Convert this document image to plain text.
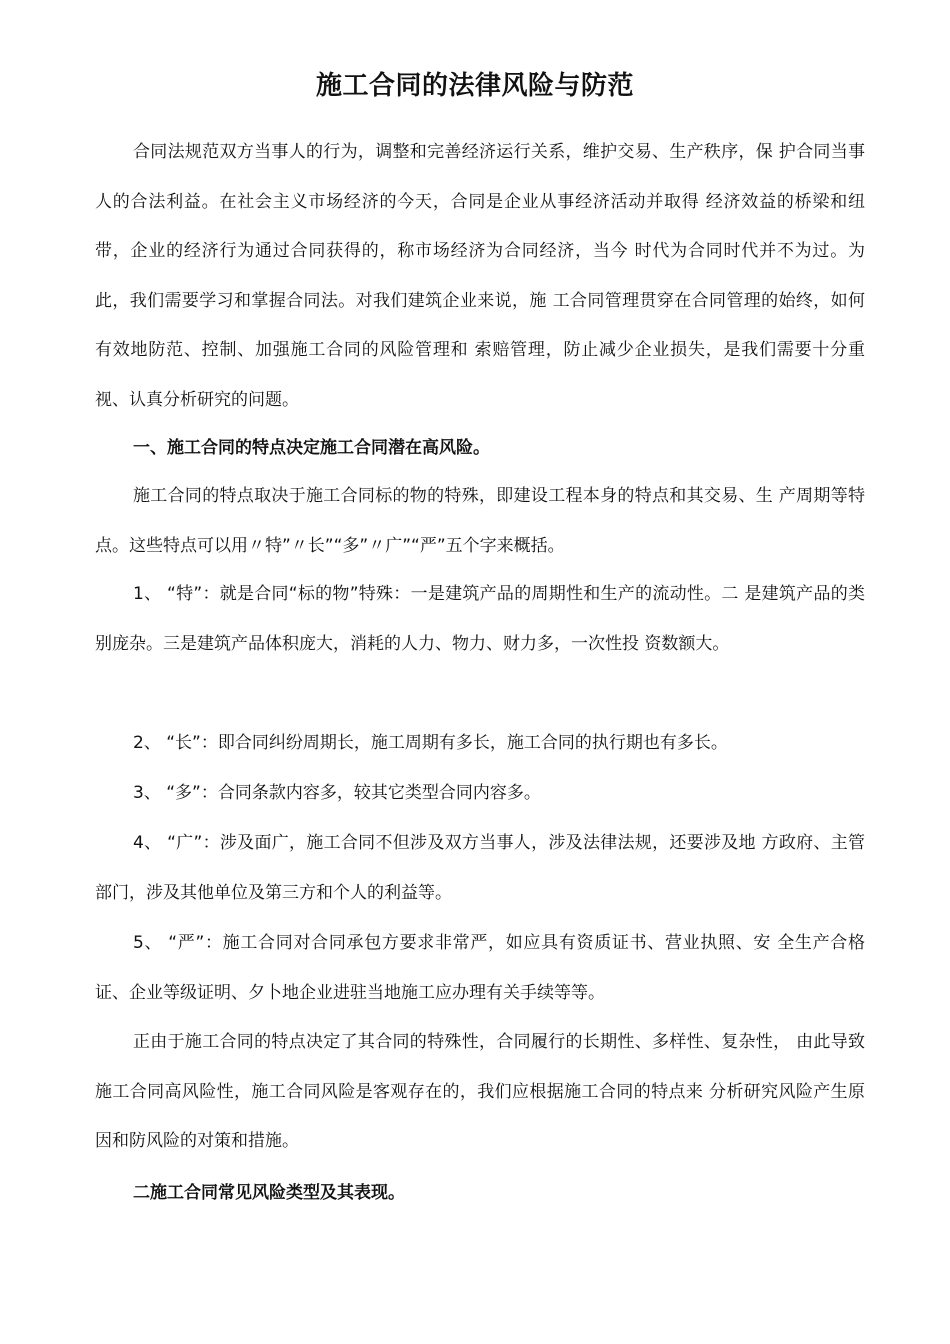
施工合同的法律风险与防范

合同法规范双方当事人的行为，调整和完善经济运行关系，维护交易、生产秩序，保 护合同当事人的合法利益。在社会主义市场经济的今天，合同是企业从事经济活动并取得 经济效益的桥梁和纽带，企业的经济行为通过合同获得的，称市场经济为合同经济，当今 时代为合同时代并不为过。为此，我们需要学习和掌握合同法。对我们建筑企业来说，施 工合同管理贯穿在合同管理的始终，如何有效地防范、控制、加强施工合同的风险管理和 索赔管理，防止减少企业损失，是我们需要十分重视、认真分析研究的问题。

一、施工合同的特点决定施工合同潜在高风险。

施工合同的特点取决于施工合同标的物的特殊，即建设工程本身的特点和其交易、生 产周期等特点。这些特点可以用〃特”〃长”“多”〃广”“严”五个字来概括。

1、 “特”：就是合同“标的物”特殊：一是建筑产品的周期性和生产的流动性。二 是建筑产品的类别庞杂。三是建筑产品体积庞大，消耗的人力、物力、财力多，一次性投 资数额大。

2、 “长”：即合同纠纷周期长，施工周期有多长，施工合同的执行期也有多长。

3、 “多”：合同条款内容多，较其它类型合同内容多。

4、 “广”：涉及面广，施工合同不但涉及双方当事人，涉及法律法规，还要涉及地 方政府、主管部门，涉及其他单位及第三方和个人的利益等。

5、 “严”：施工合同对合同承包方要求非常严，如应具有资质证书、营业执照、安 全生产合格证、企业等级证明、夕卜地企业进驻当地施工应办理有关手续等等。

正由于施工合同的特点决定了其合同的特殊性，合同履行的长期性、多样性、复杂性， 由此导致施工合同高风险性，施工合同风险是客观存在的，我们应根据施工合同的特点来 分析研究风险产生原因和防风险的对策和措施。

二施工合同常见风险类型及其表现。
